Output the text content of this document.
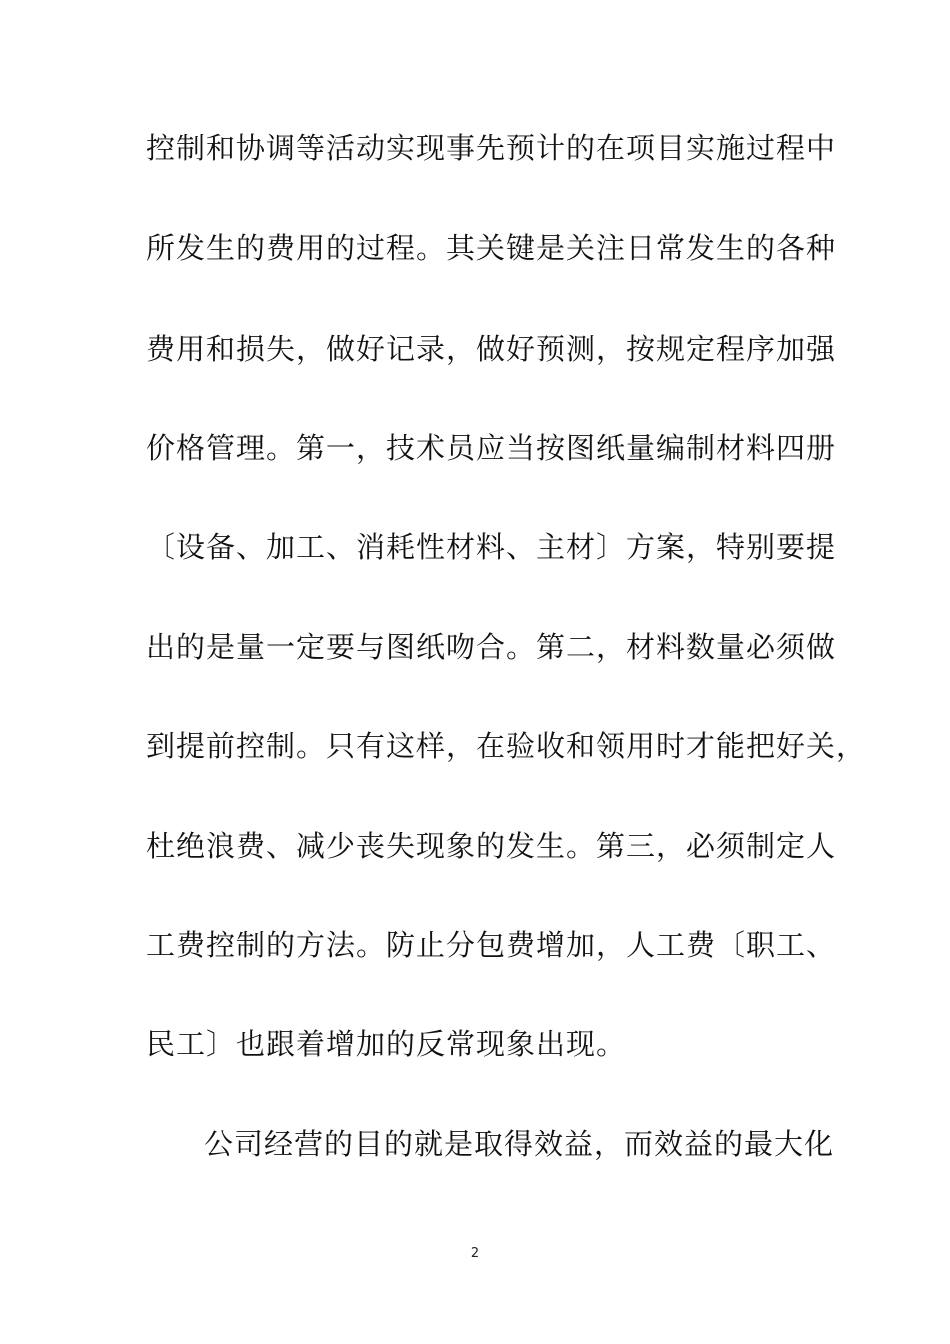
控制和协调等活动实现事先预计的在项目实施过程中
所发生的费用的过程。其关键是关注日常发生的各种
费用和损失，做好记录，做好预测，按规定程序加强
价格管理。第一，技术员应当按图纸量编制材料四册
〔设备、加工、消耗性材料、主材〕方案，特别要提
出的是量一定要与图纸吻合。第二，材料数量必须做
到提前控制。只有这样，在验收和领用时才能把好关，
杜绝浪费、减少丧失现象的发生。第三，必须制定人
工费控制的方法。防止分包费增加，人工费〔职工、
民工〕也跟着增加的反常现象出现。
公司经营的目的就是取得效益，而效益的最大化
2
